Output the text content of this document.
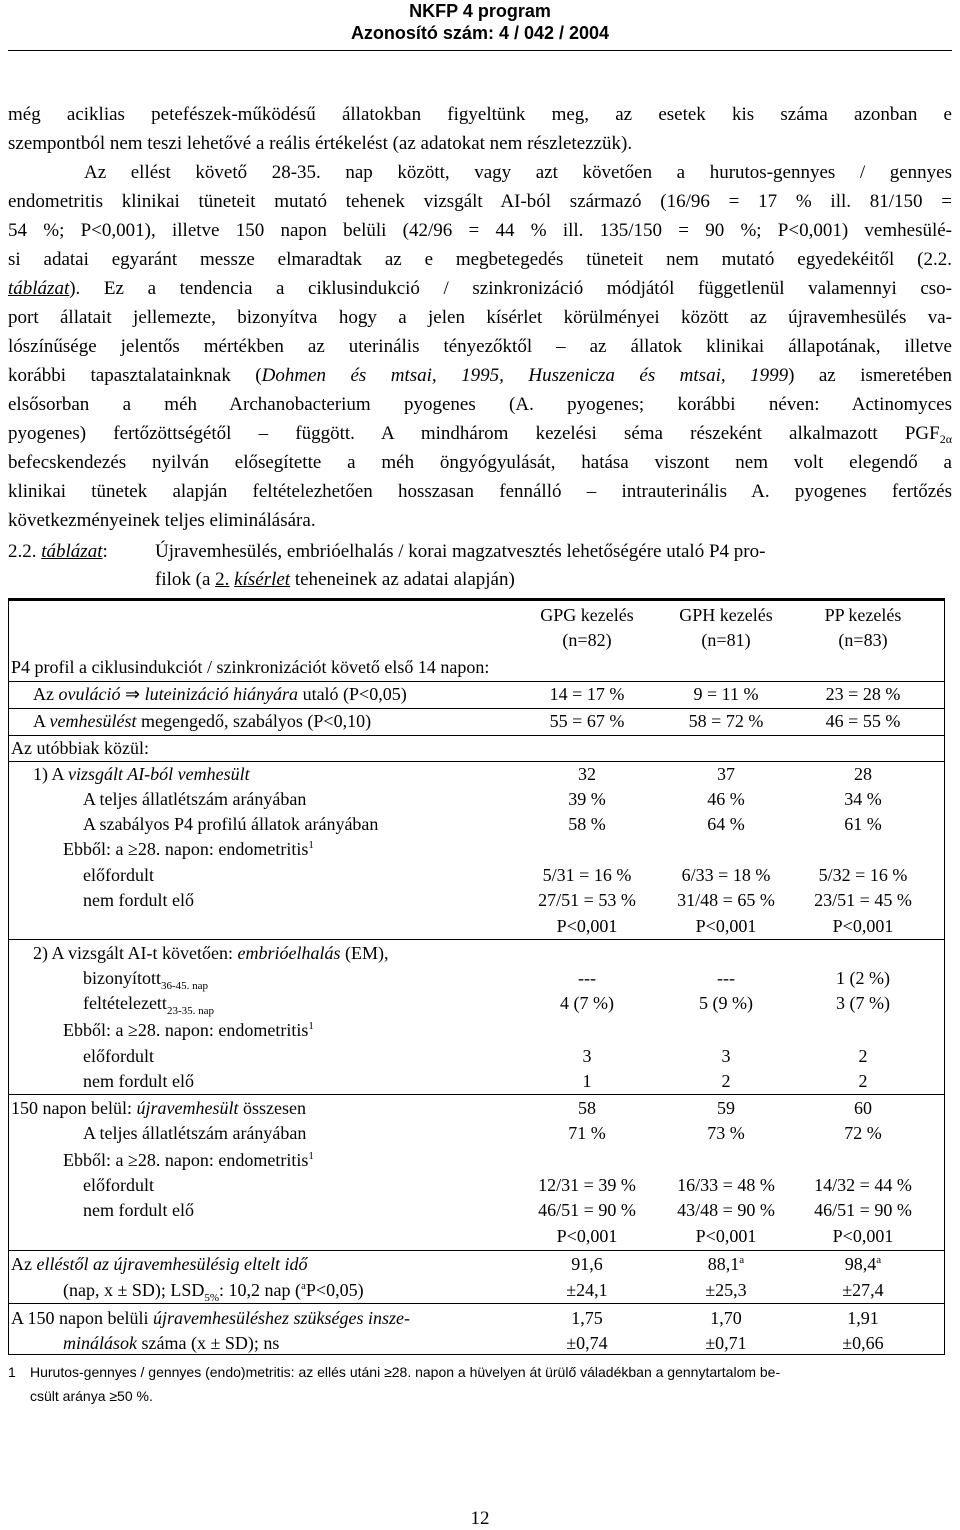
NKFP 4 program
Azonosító szám: 4 / 042 / 2004
még aciklias petefészek-működésű állatokban figyeltünk meg, az esetek kis száma azonban e
szempontból nem teszi lehetővé a reális értékelést (az adatokat nem részletezzük).
Az ellést követő 28-35. nap között, vagy azt követően a hurutos-gennyes / gennyes
endometritis klinikai tüneteit mutató tehenek vizsgált AI-ból származó (16/96 = 17 % ill. 81/150 =
54 %; P<0,001), illetve 150 napon belüli (42/96 = 44 % ill. 135/150 = 90 %; P<0,001) vemhesülé-
si adatai egyaránt messze elmaradtak az e megbetegedés tüneteit nem mutató egyedekéitől (2.2.
táblázat). Ez a tendencia a ciklusindukció / szinkronizáció módjától függetlenül valamennyi cso-
port állatait jellemezte, bizonyítva hogy a jelen kísérlet körülményei között az újravemhesülés va-
lószínűsége jelentős mértékben az uterinális tényezőktől – az állatok klinikai állapotának, illetve
korábbi tapasztalatainknak (Dohmen és mtsai, 1995, Huszenicza és mtsai, 1999) az ismeretében
elsősorban a méh Archanobacterium pyogenes (A. pyogenes; korábbi néven: Actinomyces
pyogenes) fertőzöttségétől – függött. A mindhárom kezelési séma részeként alkalmazott $PGF_{2\alpha}$
befecskendezés nyilván elősegítette a méh öngyógyulását, hatása viszont nem volt elegendő a
klinikai tünetek alapján feltételezhetően hosszasan fennálló – intrauterinális A. pyogenes fertőzés
következményeinek teljes eliminálására.
2.2. táblázat: Újravemhesülés, embrióelhalás / korai magzatvesztés lehetőségére utaló P4 pro-
filok (a 2. kísérlet teheneinek az adatai alapján)
GPG kezelés	GPH kezelés	PP kezelés
(n=82)	(n=81)	(n=83)
P4 profil a ciklusindukciót / szinkronizációt követő első 14 napon:
Az ovuláció ⇒ luteinizáció hiányára utaló (P<0,05)	14 = 17 %	9 = 11 %	23 = 28 %
A vemhesülést megengedő, szabályos (P<0,10)	55 = 67 %	58 = 72 %	46 = 55 %
Az utóbbiak közül:
1) A vizsgált AI-ból vemhesült	32	37	28
A teljes állatlétszám arányában	39 %	46 %	34 %
A szabályos P4 profilú állatok arányában	58 %	64 %	61 %
Ebből: a ≥28. napon: endometritis$^1$
előfordult	5/31 = 16 %	6/33 = 18 %	5/32 = 16 %
nem fordult elő	27/51 = 53 %	31/48 = 65 %	23/51 = 45 %
P<0,001	P<0,001	P<0,001
2) A vizsgált AI-t követően: embrióelhalás (EM),
bizonyított$_{36-45. nap}$	---	---	1 (2 %)
feltételezett$_{23-35. nap}$	4 (7 %)	5 (9 %)	3 (7 %)
Ebből: a ≥28. napon: endometritis$^1$
előfordult	3	3	2
nem fordult elő	1	2	2
150 napon belül: újravemhesült összesen	58	59	60
A teljes állatlétszám arányában	71 %	73 %	72 %
Ebből: a ≥28. napon: endometritis$^1$
előfordult	12/31 = 39 %	16/33 = 48 %	14/32 = 44 %
nem fordult elő	46/51 = 90 %	43/48 = 90 %	46/51 = 90 %
P<0,001	P<0,001	P<0,001
Az elléstől az újravemhesülésig eltelt idő	91,6	88,1$^a$	98,4$^a$
(nap, x ± SD); $LSD_{5\%}$: 10,2 nap ($^a$P<0,05)	±24,1	±25,3	±27,4
A 150 napon belüli újravemhesüléshez szükséges insze-	1,75	1,70	1,91
minálások száma (x ± SD); ns	±0,74	±0,71	±0,66
1 Hurutos-gennyes / gennyes (endo)metritis: az ellés utáni ≥28. napon a hüvelyen át ürülő váladékban a gennytartalom be-
csült aránya ≥50 %.
12
